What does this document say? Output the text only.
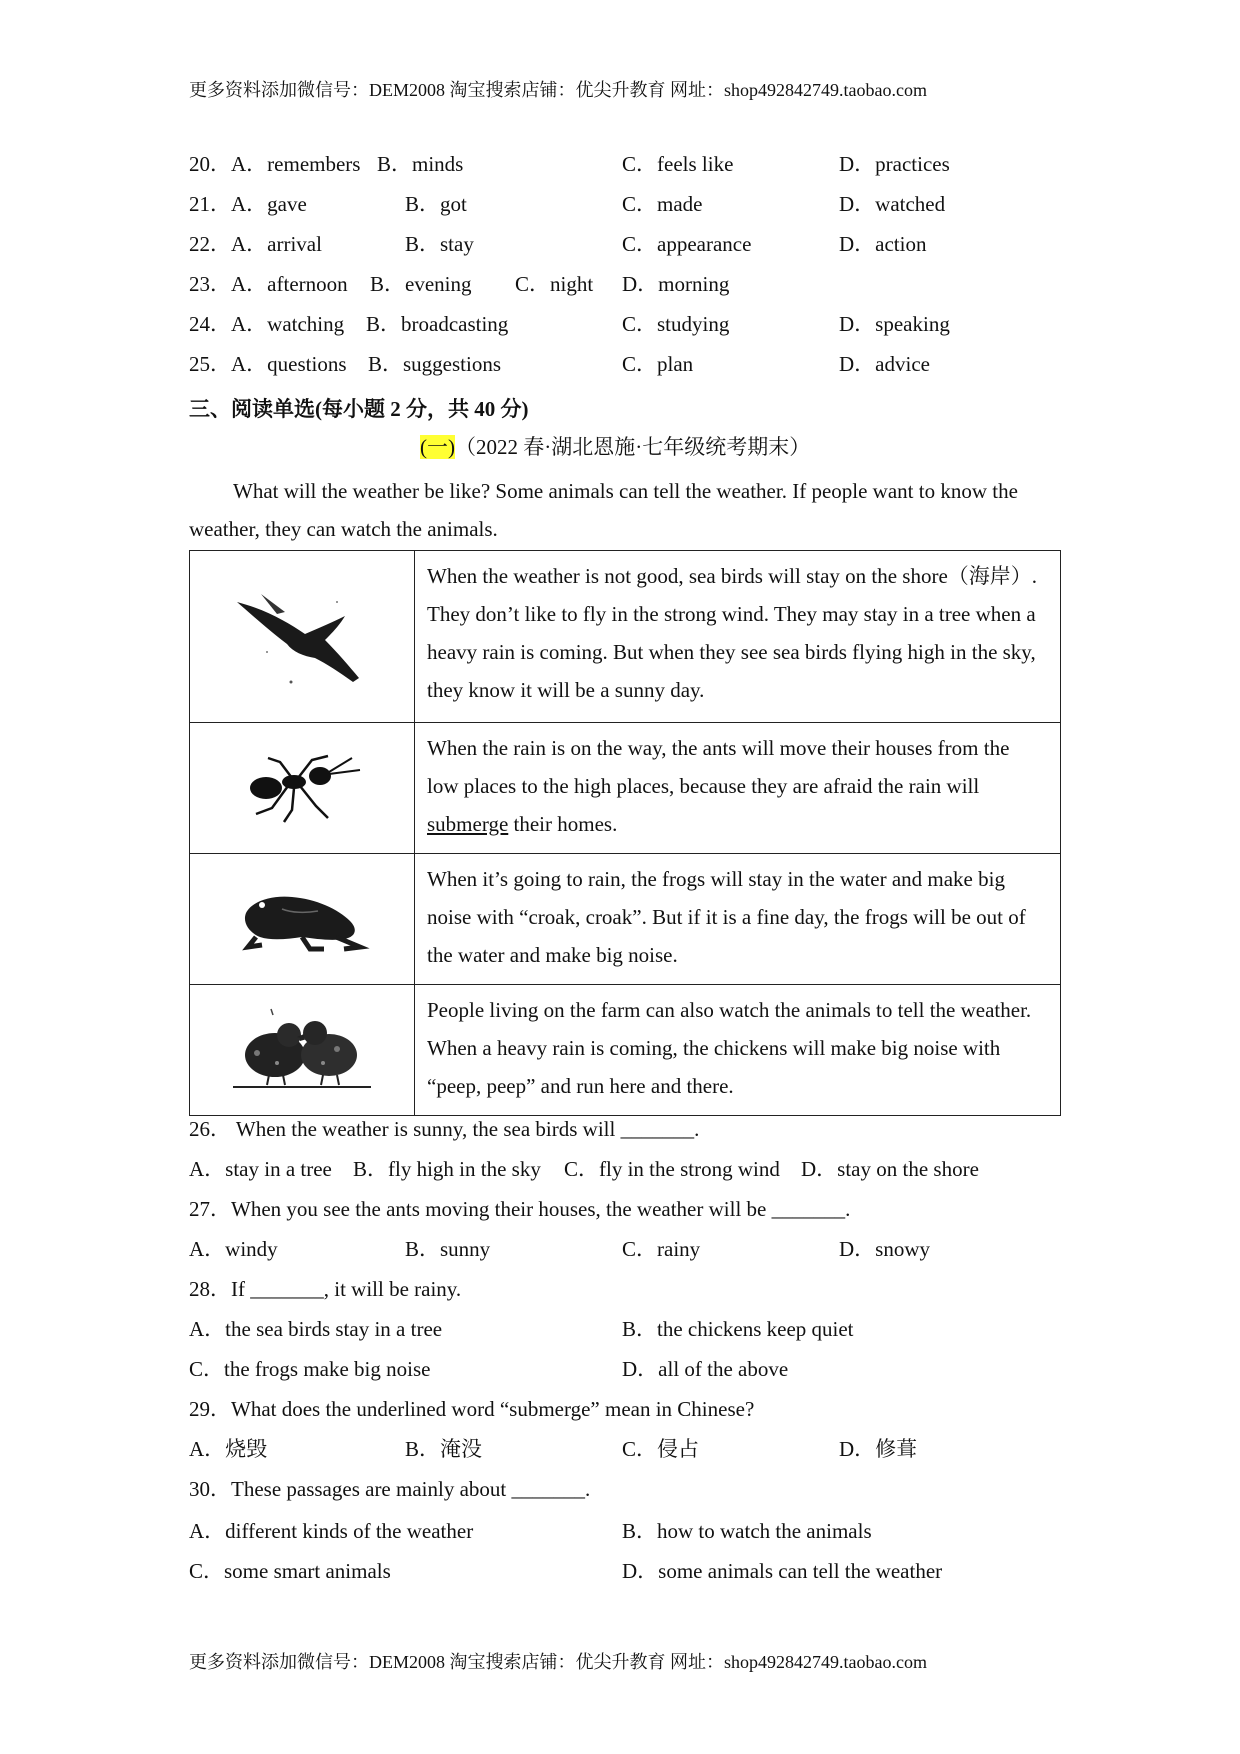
更多资料添加微信号：DEM2008 淘宝搜索店铺：优尖升教育 网址：shop492842749.taobao.com
20． A．remembers B．minds	C．feels like	D．practices
21． A．gave	B．got	C．made	D．watched
22． A．arrival	B．stay	C．appearance	D．action
23． A．afternoon B．evening C．night D．morning
24． A．watching B．broadcasting	C．studying	D．speaking
25． A．questions B．suggestions	C．plan	D．advice
三、阅读单选(每小题 2 分，共 40 分)
(一)（2022 春·湖北恩施·七年级统考期末）
What will the weather be like? Some animals can tell the weather. If people want to know the weather, they can watch the animals.
	When the weather is not good, sea birds will stay on the shore（海岸）. They don’t like to fly in the strong wind. They may stay in a tree when a heavy rain is coming. But when they see sea birds flying high in the sky, they know it will be a sunny day.

	When the rain is on the way, the ants will move their houses from the low places to the high places, because they are afraid the rain will submerge their homes.

	When it’s going to rain, the frogs will stay in the water and make big noise with “croak, croak”. But if it is a fine day, the frogs will be out of the water and make big noise.

	People living on the farm can also watch the animals to tell the weather. When a heavy rain is coming, the chickens will make big noise with “peep, peep” and run here and there.
26． When the weather is sunny, the sea birds will _______.
A．stay in a tree B．fly high in the sky C．fly in the strong wind D．stay on the shore
27．When you see the ants moving their houses, the weather will be _______.
A．windy	B．sunny	C．rainy	D．snowy
28．If _______, it will be rainy.
A．the sea birds stay in a tree	B．the chickens keep quiet
C．the frogs make big noise	D．all of the above
29．What does the underlined word “submerge” mean in Chinese?
A．烧毁	B．淹没	C．侵占	D．修葺
30．These passages are mainly about _______.
A．different kinds of the weather	B．how to watch the animals
C．some smart animals	D．some animals can tell the weather
更多资料添加微信号：DEM2008 淘宝搜索店铺：优尖升教育 网址：shop492842749.taobao.com
